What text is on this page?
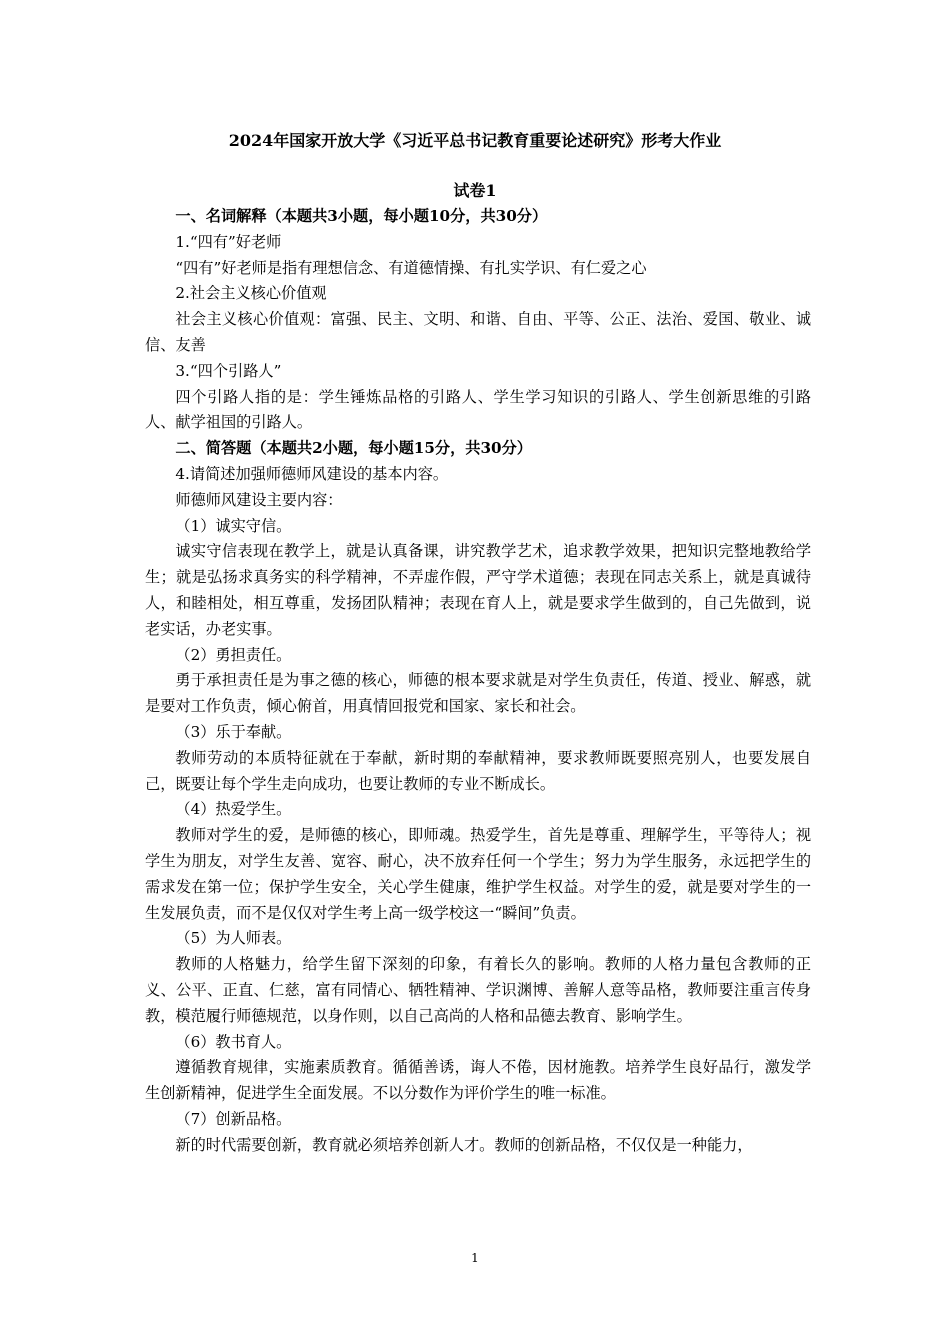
2024年国家开放大学《习近平总书记教育重要论述研究》形考大作业
试卷1

一、名词解释（本题共3小题，每小题10分，共30分）

1.“四有”好老师

“四有”好老师是指有理想信念、有道德情操、有扎实学识、有仁爱之心

2.社会主义核心价值观

社会主义核心价值观：富强、民主、文明、和谐、自由、平等、公正、法治、爱国、敬业、诚信、友善

3.“四个引路人”

四个引路人指的是：学生锤炼品格的引路人、学生学习知识的引路人、学生创新思维的引路人、献学祖国的引路人。

二、简答题（本题共2小题，每小题15分，共30分）

4.请简述加强师德师风建设的基本内容。

师德师风建设主要内容：

（1）诚实守信。

诚实守信表现在教学上，就是认真备课，讲究教学艺术，追求教学效果，把知识完整地教给学生；就是弘扬求真务实的科学精神，不弄虚作假，严守学术道德；表现在同志关系上，就是真诚待人，和睦相处，相互尊重，发扬团队精神；表现在育人上，就是要求学生做到的，自己先做到，说老实话，办老实事。

（2）勇担责任。

勇于承担责任是为事之德的核心，师德的根本要求就是对学生负责任，传道、授业、解惑，就是要对工作负责，倾心俯首，用真情回报党和国家、家长和社会。

（3）乐于奉献。

教师劳动的本质特征就在于奉献，新时期的奉献精神，要求教师既要照亮别人，也要发展自己，既要让每个学生走向成功，也要让教师的专业不断成长。

（4）热爱学生。

教师对学生的爱，是师德的核心，即师魂。热爱学生，首先是尊重、理解学生，平等待人；视学生为朋友，对学生友善、宽容、耐心，决不放弃任何一个学生；努力为学生服务，永远把学生的需求发在第一位；保护学生安全，关心学生健康，维护学生权益。对学生的爱，就是要对学生的一生发展负责，而不是仅仅对学生考上高一级学校这一“瞬间”负责。

（5）为人师表。

教师的人格魅力，给学生留下深刻的印象，有着长久的影响。教师的人格力量包含教师的正义、公平、正直、仁慈，富有同情心、牺牲精神、学识渊博、善解人意等品格，教师要注重言传身教，模范履行师德规范，以身作则，以自己高尚的人格和品德去教育、影响学生。

（6）教书育人。

遵循教育规律，实施素质教育。循循善诱，诲人不倦，因材施教。培养学生良好品行，激发学生创新精神，促进学生全面发展。不以分数作为评价学生的唯一标准。

（7）创新品格。

新的时代需要创新，教育就必须培养创新人才。教师的创新品格，不仅仅是一种能力，

1
